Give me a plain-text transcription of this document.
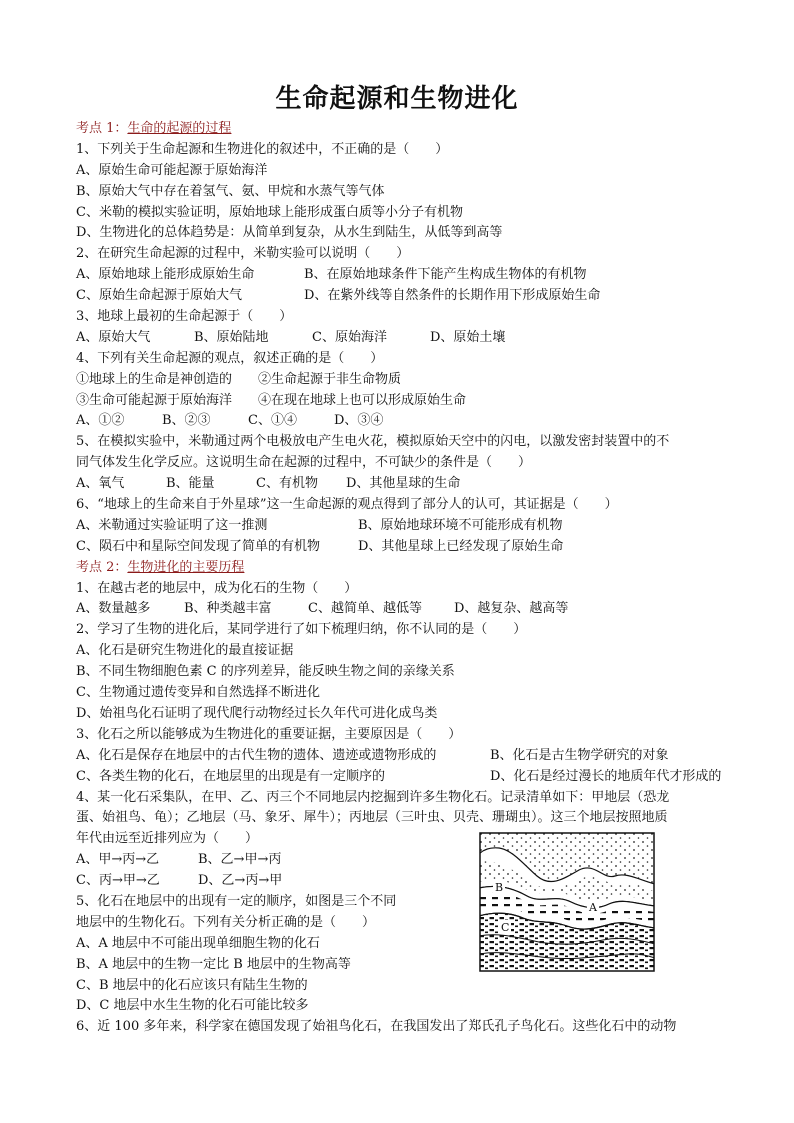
生命起源和生物进化
考点 1：生命的起源的过程
1、下列关于生命起源和生物进化的叙述中，不正确的是（　　）
A、原始生命可能起源于原始海洋
B、原始大气中存在着氢气、氨、甲烷和水蒸气等气体
C、米勒的模拟实验证明，原始地球上能形成蛋白质等小分子有机物
D、生物进化的总体趋势是：从简单到复杂，从水生到陆生，从低等到高等
2、在研究生命起源的过程中，米勒实验可以说明（　　）
A、原始地球上能形成原始生命	B、在原始地球条件下能产生构成生物体的有机物
C、原始生命起源于原始大气	D、在紫外线等自然条件的长期作用下形成原始生命
3、地球上最初的生命起源于（　　）
A、原始大气	B、原始陆地	C、原始海洋	D、原始土壤
4、下列有关生命起源的观点，叙述正确的是（　　）
①地球上的生命是神创造的 ②生命起源于非生命物质
③生命可能起源于原始海洋 ④在现在地球上也可以形成原始生命
A、①②	B、②③	C、①④	D、③④
5、在模拟实验中，米勒通过两个电极放电产生电火花，模拟原始天空中的闪电，以激发密封装置中的不
同气体发生化学反应。这说明生命在起源的过程中，不可缺少的条件是（　　）
A、氧气	B、能量	C、有机物 D、其他星球的生命
6、“地球上的生命来自于外星球”这一生命起源的观点得到了部分人的认可，其证据是（　　）
A、米勒通过实验证明了这一推测	B、原始地球环境不可能形成有机物
C、陨石中和星际空间发现了简单的有机物	D、其他星球上已经发现了原始生命
考点 2：生物进化的主要历程
1、在越古老的地层中，成为化石的生物（　　）
A、数量越多	B、种类越丰富	C、越简单、越低等 D、越复杂、越高等
2、学习了生物的进化后，某同学进行了如下梳理归纳，你不认同的是（　　）
A、化石是研究生物进化的最直接证据
B、不同生物细胞色素 C 的序列差异，能反映生物之间的亲缘关系
C、生物通过遗传变异和自然选择不断进化
D、始祖鸟化石证明了现代爬行动物经过长久年代可进化成鸟类
3、化石之所以能够成为生物进化的重要证据，主要原因是（　　）
A、化石是保存在地层中的古代生物的遗体、遗迹或遗物形成的	B、化石是古生物学研究的对象
C、各类生物的化石，在地层里的出现是有一定顺序的	D、化石是经过漫长的地质年代才形成的
4、某一化石采集队，在甲、乙、丙三个不同地层内挖掘到许多生物化石。记录清单如下：甲地层（恐龙
蛋、始祖鸟、龟）；乙地层（马、象牙、犀牛）；丙地层（三叶虫、贝壳、珊瑚虫）。这三个地层按照地质
年代由远至近排列应为（　　）
A、甲→丙→乙	B、乙→甲→丙
C、丙→甲→乙	D、乙→丙→甲
5、化石在地层中的出现有一定的顺序，如图是三个不同
地层中的生物化石。下列有关分析正确的是（　　）
A、A 地层中不可能出现单细胞生物的化石
B、A 地层中的生物一定比 B 地层中的生物高等
C、B 地层中的化石应该只有陆生生物的
D、C 地层中水生生物的化石可能比较多
6、近 100 多年来，科学家在德国发现了始祖鸟化石，在我国发出了郑氏孔子鸟化石。这些化石中的动物
B
A
C
